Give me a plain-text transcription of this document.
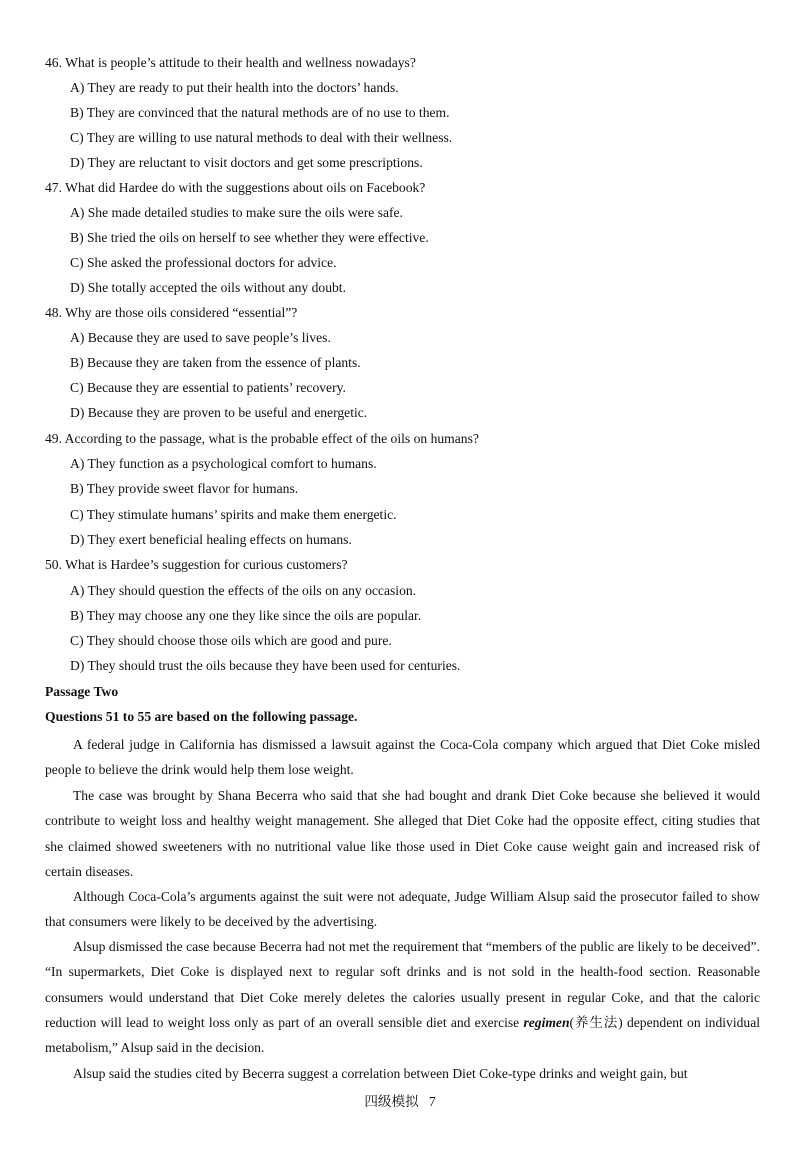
46. What is people’s attitude to their health and wellness nowadays?
A) They are ready to put their health into the doctors’ hands.
B) They are convinced that the natural methods are of no use to them.
C) They are willing to use natural methods to deal with their wellness.
D) They are reluctant to visit doctors and get some prescriptions.
47. What did Hardee do with the suggestions about oils on Facebook?
A) She made detailed studies to make sure the oils were safe.
B) She tried the oils on herself to see whether they were effective.
C) She asked the professional doctors for advice.
D) She totally accepted the oils without any doubt.
48. Why are those oils considered “essential”?
A) Because they are used to save people’s lives.
B) Because they are taken from the essence of plants.
C) Because they are essential to patients’ recovery.
D) Because they are proven to be useful and energetic.
49. According to the passage, what is the probable effect of the oils on humans?
A) They function as a psychological comfort to humans.
B) They provide sweet flavor for humans.
C) They stimulate humans’ spirits and make them energetic.
D) They exert beneficial healing effects on humans.
50. What is Hardee’s suggestion for curious customers?
A) They should question the effects of the oils on any occasion.
B) They may choose any one they like since the oils are popular.
C) They should choose those oils which are good and pure.
D) They should trust the oils because they have been used for centuries.
Passage Two
Questions 51 to 55 are based on the following passage.

A federal judge in California has dismissed a lawsuit against the Coca-Cola company which argued that Diet Coke misled people to believe the drink would help them lose weight.

The case was brought by Shana Becerra who said that she had bought and drank Diet Coke because she believed it would contribute to weight loss and healthy weight management. She alleged that Diet Coke had the opposite effect, citing studies that she claimed showed sweeteners with no nutritional value like those used in Diet Coke cause weight gain and increased risk of certain diseases.

Although Coca-Cola’s arguments against the suit were not adequate, Judge William Alsup said the prosecutor failed to show that consumers were likely to be deceived by the advertising.

Alsup dismissed the case because Becerra had not met the requirement that “members of the public are likely to be deceived”. “In supermarkets, Diet Coke is displayed next to regular soft drinks and is not sold in the health-food section. Reasonable consumers would understand that Diet Coke merely deletes the calories usually present in regular Coke, and that the caloric reduction will lead to weight loss only as part of an overall sensible diet and exercise regimen(养生法) dependent on individual metabolism,” Alsup said in the decision.

Alsup said the studies cited by Becerra suggest a correlation between Diet Coke-type drinks and weight gain, but

四级模拟 7
